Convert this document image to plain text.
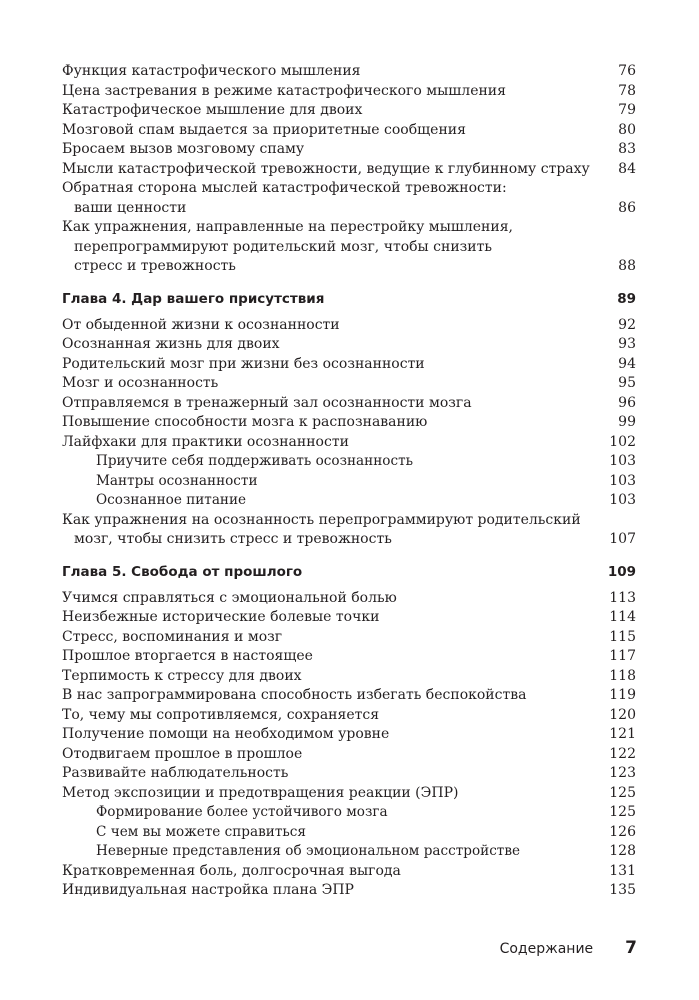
Функция катастрофического мышления	76
Цена застревания в режиме катастрофического мышления	78
Катастрофическое мышление для двоих	79
Мозговой спам выдается за приоритетные сообщения	80
Бросаем вызов мозговому спаму	83
Мысли катастрофической тревожности, ведущие к глубинному страху	84
Обратная сторона мыслей катастрофической тревожности:
ваши ценности	86
Как упражнения, направленные на перестройку мышления,
перепрограммируют родительский мозг, чтобы снизить
стресс и тревожность	88
Глава 4. Дар вашего присутствия	89
От обыденной жизни к осознанности	92
Осознанная жизнь для двоих	93
Родительский мозг при жизни без осознанности	94
Мозг и осознанность	95
Отправляемся в тренажерный зал осознанности мозга	96
Повышение способности мозга к распознаванию	99
Лайфхаки для практики осознанности	102
Приучите себя поддерживать осознанность	103
Мантры осознанности	103
Осознанное питание	103
Как упражнения на осознанность перепрограммируют родительский
мозг, чтобы снизить стресс и тревожность	107
Глава 5. Свобода от прошлого	109
Учимся справляться с эмоциональной болью	113
Неизбежные исторические болевые точки	114
Стресс, воспоминания и мозг	115
Прошлое вторгается в настоящее	117
Терпимость к стрессу для двоих	118
В нас запрограммирована способность избегать беспокойства	119
То, чему мы сопротивляемся, сохраняется	120
Получение помощи на необходимом уровне	121
Отодвигаем прошлое в прошлое	122
Развивайте наблюдательность	123
Метод экспозиции и предотвращения реакции (ЭПР)	125
Формирование более устойчивого мозга	125
С чем вы можете справиться	126
Неверные представления об эмоциональном расстройстве	128
Кратковременная боль, долгосрочная выгода	131
Индивидуальная настройка плана ЭПР	135
Содержание 7
